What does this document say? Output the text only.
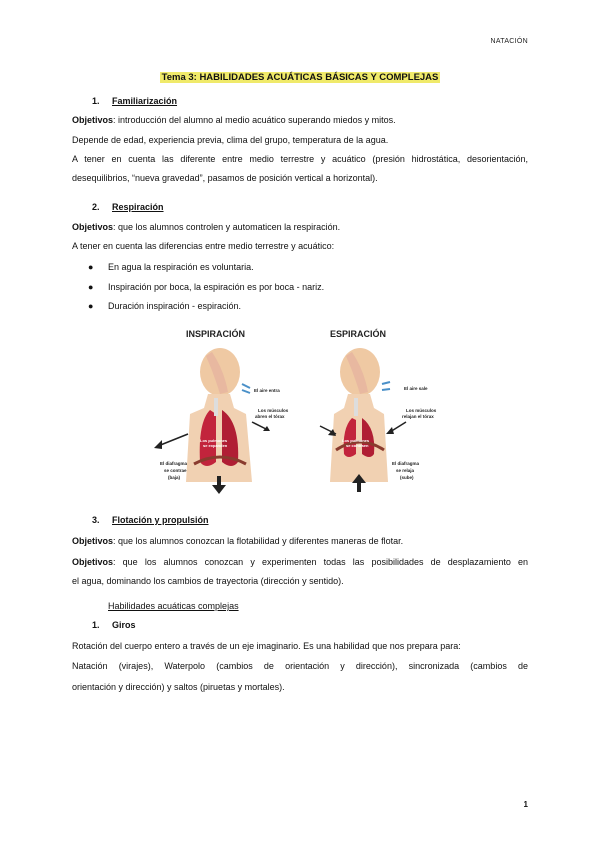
NATACIÓN
Tema 3: HABILIDADES ACUÁTICAS BÁSICAS Y COMPLEJAS
1. Familiarización
Objetivos: introducción del alumno al medio acuático superando miedos y mitos.
Depende de edad, experiencia previa, clima del grupo, temperatura de la agua.
A tener en cuenta las diferente entre medio terrestre y acuático (presión hidrostática, desorientación,
desequilibrios, “nueva gravedad”, pasamos de posición vertical a horizontal).
2. Respiración
Objetivos: que los alumnos controlen y automaticen la respiración.
A tener en cuenta las diferencias entre medio terrestre y acuático:
● En agua la respiración es voluntaria.
● Inspiración por boca, la espiración es por boca - nariz.
● Duración inspiración - espiración.
INSPIRACIÓN
El aire entra
Los músculos
abren el tórax
Los pulmones
se expanden
El diafragma
se contrae
(baja)
ESPIRACIÓN
El aire sale
Los músculos
relajan el tórax
Los pulmones
se contraen
El diafragma
se relaja
(sube)
3. Flotación y propulsión
Objetivos: que los alumnos conozcan la flotabilidad y diferentes maneras de flotar.
Objetivos: que los alumnos conozcan y experimenten todas las posibilidades de desplazamiento en
el agua, dominando los cambios de trayectoria (dirección y sentido).
Habilidades acuáticas complejas
1. Giros
Rotación del cuerpo entero a través de un eje imaginario. Es una habilidad que nos prepara para:
Natación (virajes), Waterpolo (cambios de orientación y dirección), sincronizada (cambios de
orientación y dirección) y saltos (piruetas y mortales).
1
